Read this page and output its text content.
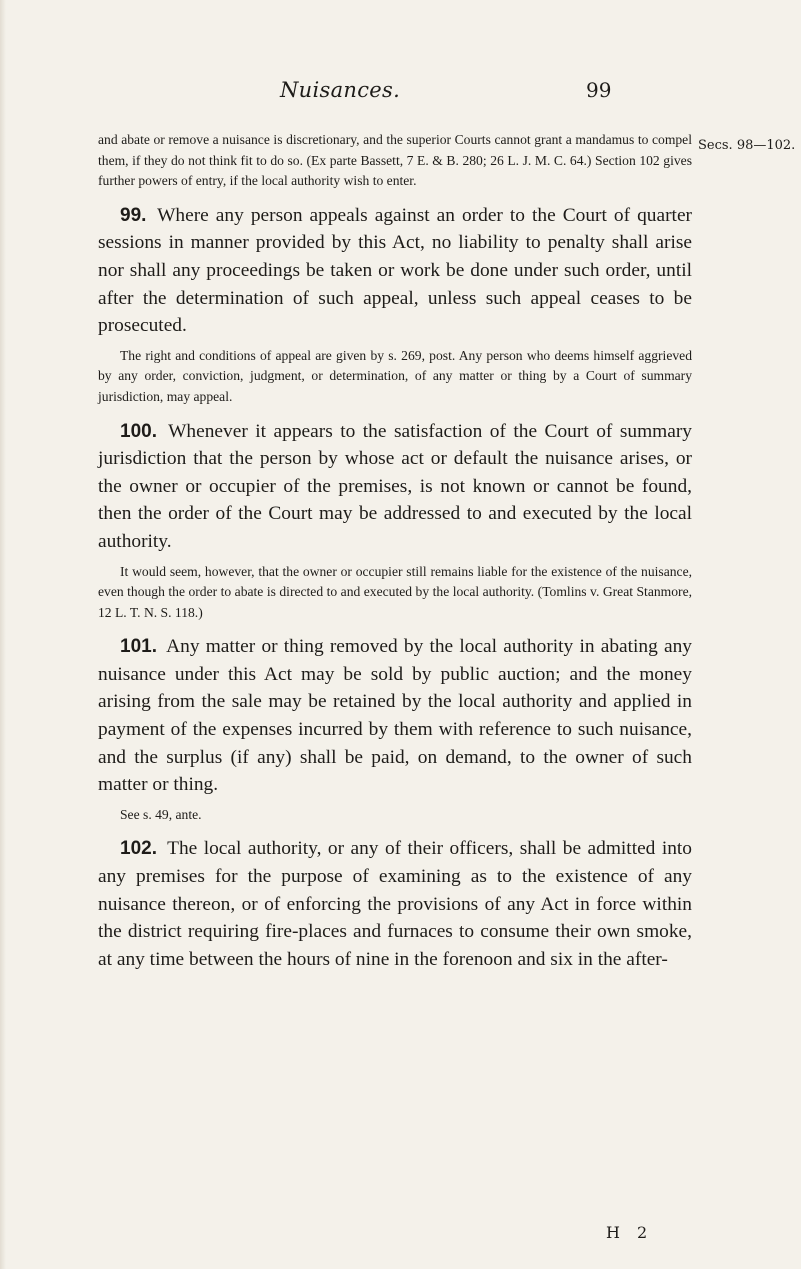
Nuisances.	99
Secs. 98—102.

and abate or remove a nuisance is discretionary, and the superior Courts cannot grant a mandamus to compel them, if they do not think fit to do so. (Ex parte Bassett, 7 E. & B. 280; 26 L. J. M. C. 64.) Section 102 gives further powers of entry, if the local authority wish to enter.

99. Where any person appeals against an order to the Court of quarter sessions in manner provided by this Act, no liability to penalty shall arise nor shall any proceedings be taken or work be done under such order, until after the determination of such appeal, unless such appeal ceases to be prosecuted.

The right and conditions of appeal are given by s. 269, post. Any person who deems himself aggrieved by any order, conviction, judgment, or determination, of any matter or thing by a Court of summary jurisdiction, may appeal.

100. Whenever it appears to the satisfaction of the Court of summary jurisdiction that the person by whose act or default the nuisance arises, or the owner or occupier of the premises, is not known or cannot be found, then the order of the Court may be addressed to and executed by the local authority.

It would seem, however, that the owner or occupier still remains liable for the existence of the nuisance, even though the order to abate is directed to and executed by the local authority. (Tomlins v. Great Stanmore, 12 L. T. N. S. 118.)

101. Any matter or thing removed by the local authority in abating any nuisance under this Act may be sold by public auction; and the money arising from the sale may be retained by the local authority and applied in payment of the expenses incurred by them with reference to such nuisance, and the surplus (if any) shall be paid, on demand, to the owner of such matter or thing.

See s. 49, ante.

102. The local authority, or any of their officers, shall be admitted into any premises for the purpose of examining as to the existence of any nuisance thereon, or of enforcing the provisions of any Act in force within the district requiring fire-places and furnaces to consume their own smoke, at any time between the hours of nine in the forenoon and six in the after-

H 2
